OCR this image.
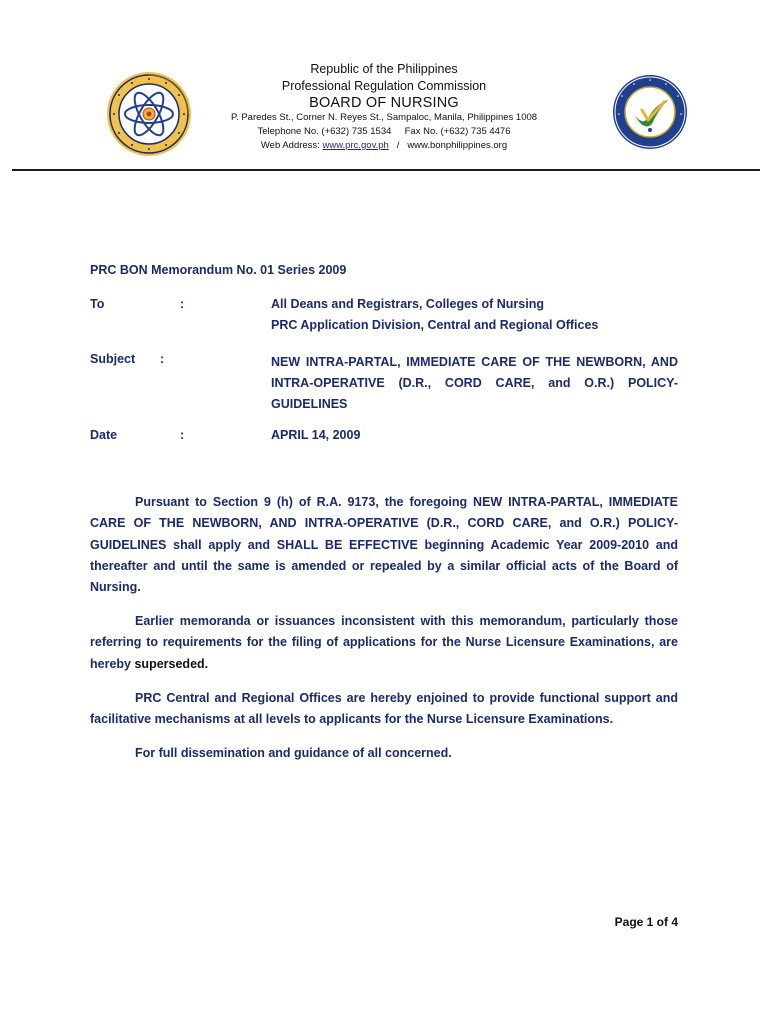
Republic of the Philippines
Professional Regulation Commission
BOARD OF NURSING
P. Paredes St., Corner N. Reyes St., Sampaloc, Manila, Philippines 1008
Telephone No. (+632) 735 1534 Fax No. (+632) 735 4476
Web Address: www.prc.gov.ph / www.bonphilippines.org
PRC BON Memorandum No. 01 Series 2009
To	:	All Deans and Registrars, Colleges of Nursing
PRC Application Division, Central and Regional Offices
Subject :	NEW INTRA-PARTAL, IMMEDIATE CARE OF THE NEWBORN, AND INTRA-OPERATIVE (D.R., CORD CARE, and O.R.) POLICY-GUIDELINES
Date	:	APRIL 14, 2009

Pursuant to Section 9 (h) of R.A. 9173, the foregoing NEW INTRA-PARTAL, IMMEDIATE CARE OF THE NEWBORN, AND INTRA-OPERATIVE (D.R., CORD CARE, and O.R.) POLICY-GUIDELINES shall apply and SHALL BE EFFECTIVE beginning Academic Year 2009-2010 and thereafter and until the same is amended or repealed by a similar official acts of the Board of Nursing.

Earlier memoranda or issuances inconsistent with this memorandum, particularly those referring to requirements for the filing of applications for the Nurse Licensure Examinations, are hereby superseded.

PRC Central and Regional Offices are hereby enjoined to provide functional support and facilitative mechanisms at all levels to applicants for the Nurse Licensure Examinations.

For full dissemination and guidance of all concerned.

Page 1 of 4
